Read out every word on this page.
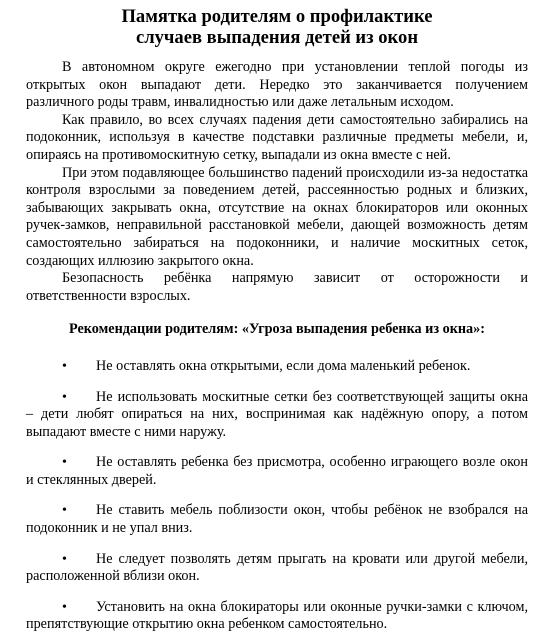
Памятка родителям о профилактике
случаев выпадения детей из окон

В автономном округе ежегодно при установлении теплой погоды из открытых окон выпадают дети. Нередко это заканчивается получением различного роды травм, инвалидностью или даже летальным исходом.

Как правило, во всех случаях падения дети самостоятельно забирались на подоконник, используя в качестве подставки различные предметы мебели, и, опираясь на противомоскитную сетку, выпадали из окна вместе с ней.

При этом подавляющее большинство падений происходили из-за недостатка контроля взрослыми за поведением детей, рассеянностью родных и близких, забывающих закрывать окна, отсутствие на окнах блокираторов или оконных ручек-замков, неправильной расстановкой мебели, дающей возможность детям самостоятельно забираться на подоконники, и наличие москитных сеток, создающих иллюзию закрытого окна.

Безопасность ребёнка напрямую зависит от осторожности и ответственности взрослых.

Рекомендации родителям: «Угроза выпадения ребенка из окна»:
• Не оставлять окна открытыми, если дома маленький ребенок.
• Не использовать москитные сетки без соответствующей защиты окна – дети любят опираться на них, воспринимая как надёжную опору, а потом выпадают вместе с ними наружу.
• Не оставлять ребенка без присмотра, особенно играющего возле окон и стеклянных дверей.
• Не ставить мебель поблизости окон, чтобы ребёнок не взобрался на подоконник и не упал вниз.
• Не следует позволять детям прыгать на кровати или другой мебели, расположенной вблизи окон.
• Установить на окна блокираторы или оконные ручки-замки с ключом, препятствующие открытию окна ребенком самостоятельно.
